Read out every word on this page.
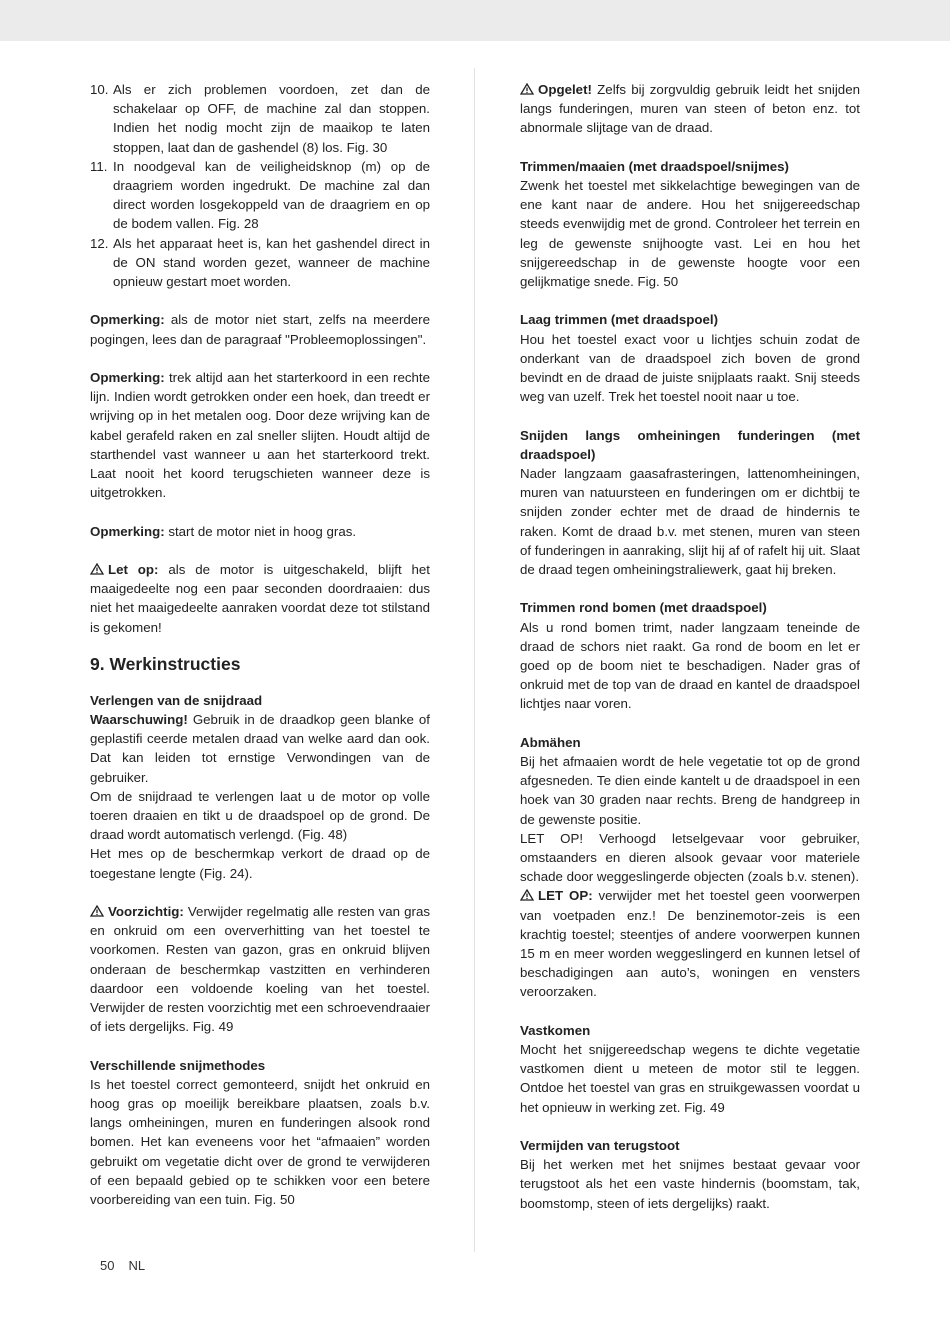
10. Als er zich problemen voordoen, zet dan de schakelaar op OFF, de machine zal dan stoppen. Indien het nodig mocht zijn de maaikop te laten stoppen, laat dan de gashendel (8) los. Fig. 30
11. In noodgeval kan de veiligheidsknop (m) op de draagriem worden ingedrukt. De machine zal dan direct worden losgekoppeld van de draagriem en op de bodem vallen. Fig. 28
12. Als het apparaat heet is, kan het gashendel direct in de ON stand worden gezet, wanneer de machine opnieuw gestart moet worden.

Opmerking: als de motor niet start, zelfs na meerdere pogingen, lees dan de paragraaf "Probleemoplossingen".

Opmerking: trek altijd aan het starterkoord in een rechte lijn. Indien wordt getrokken onder een hoek, dan treedt er wrijving op in het metalen oog. Door deze wrijving kan de kabel gerafeld raken en zal sneller slijten. Houdt altijd de starthendel vast wanneer u aan het starterkoord trekt. Laat nooit het koord terugschieten wanneer deze is uitgetrokken.

Opmerking: start de motor niet in hoog gras.

Let op: als de motor is uitgeschakeld, blijft het maaigedeelte nog een paar seconden doordraaien: dus niet het maaigedeelte aanraken voordat deze tot stilstand is gekomen!

9. Werkinstructies

Verlengen van de snijdraad

Waarschuwing! Gebruik in de draadkop geen blanke of geplastifi ceerde metalen draad van welke aard dan ook. Dat kan leiden tot ernstige Verwondingen van de gebruiker.

Om de snijdraad te verlengen laat u de motor op volle toeren draaien en tikt u de draadspoel op de grond. De draad wordt automatisch verlengd. (Fig. 48)

Het mes op de beschermkap verkort de draad op de toegestane lengte (Fig. 24).

Voorzichtig: Verwijder regelmatig alle resten van gras en onkruid om een oververhitting van het toestel te voorkomen. Resten van gazon, gras en onkruid blijven onderaan de beschermkap vastzitten en verhinderen daardoor een voldoende koeling van het toestel. Verwijder de resten voorzichtig met een schroevendraaier of iets dergelijks. Fig. 49

Verschillende snijmethodes

Is het toestel correct gemonteerd, snijdt het onkruid en hoog gras op moeilijk bereikbare plaatsen, zoals b.v. langs omheiningen, muren en funderingen alsook rond bomen. Het kan eveneens voor het “afmaaien” worden gebruikt om vegetatie dicht over de grond te verwijderen of een bepaald gebied op te schikken voor een betere voorbereiding van een tuin. Fig. 50

Opgelet! Zelfs bij zorgvuldig gebruik leidt het snijden langs funderingen, muren van steen of beton enz. tot abnormale slijtage van de draad.

Trimmen/maaien (met draadspoel/snijmes)

Zwenk het toestel met sikkelachtige bewegingen van de ene kant naar de andere. Hou het snijgereedschap steeds evenwijdig met de grond. Controleer het terrein en leg de gewenste snijhoogte vast. Lei en hou het snijgereedschap in de gewenste hoogte voor een gelijkmatige snede. Fig. 50

Laag trimmen (met draadspoel)

Hou het toestel exact voor u lichtjes schuin zodat de onderkant van de draadspoel zich boven de grond bevindt en de draad de juiste snijplaats raakt. Snij steeds weg van uzelf. Trek het toestel nooit naar u toe.

Snijden langs omheiningen funderingen (met draadspoel)

Nader langzaam gaasafrasteringen, lattenomheiningen, muren van natuursteen en funderingen om er dichtbij te snijden zonder echter met de draad de hindernis te raken. Komt de draad b.v. met stenen, muren van steen of funderingen in aanraking, slijt hij af of rafelt hij uit. Slaat de draad tegen omheiningstraliewerk, gaat hij breken.

Trimmen rond bomen (met draadspoel)

Als u rond bomen trimt, nader langzaam teneinde de draad de schors niet raakt. Ga rond de boom en let er goed op de boom niet te beschadigen. Nader gras of onkruid met de top van de draad en kantel de draadspoel lichtjes naar voren.

Abmähen

Bij het afmaaien wordt de hele vegetatie tot op de grond afgesneden. Te dien einde kantelt u de draadspoel in een hoek van 30 graden naar rechts. Breng de handgreep in de gewenste positie.

LET OP! Verhoogd letselgevaar voor gebruiker, omstaanders en dieren alsook gevaar voor materiele schade door weggeslingerde objecten (zoals b.v. stenen).

LET OP: verwijder met het toestel geen voorwerpen van voetpaden enz.! De benzinemotor-zeis is een krachtig toestel; steentjes of andere voorwerpen kunnen 15 m en meer worden weggeslingerd en kunnen letsel of beschadigingen aan auto’s, woningen en vensters veroorzaken.

Vastkomen

Mocht het snijgereedschap wegens te dichte vegetatie vastkomen dient u meteen de motor stil te leggen. Ontdoe het toestel van gras en struikgewassen voordat u het opnieuw in werking zet. Fig. 49

Vermijden van terugstoot

Bij het werken met het snijmes bestaat gevaar voor terugstoot als het een vaste hindernis (boomstam, tak, boomstomp, steen of iets dergelijks) raakt.

50 NL
